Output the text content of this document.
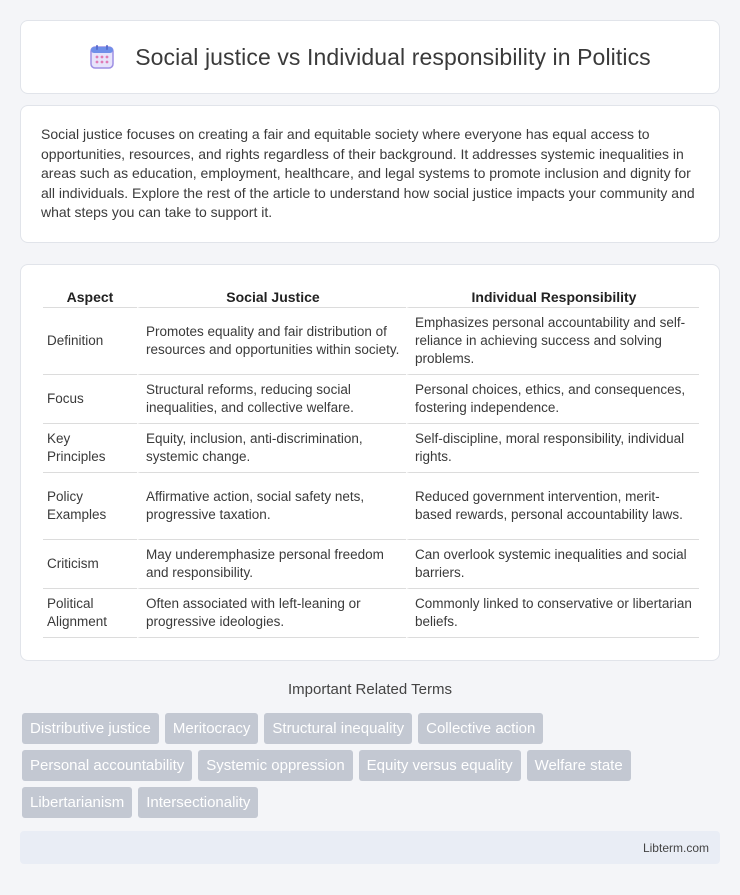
Social justice vs Individual responsibility in Politics

Social justice focuses on creating a fair and equitable society where everyone has equal access to opportunities, resources, and rights regardless of their background. It addresses systemic inequalities in areas such as education, employment, healthcare, and legal systems to promote inclusion and dignity for all individuals. Explore the rest of the article to understand how social justice impacts your community and what steps you can take to support it.

Aspect	Social Justice	Individual Responsibility
Definition	Promotes equality and fair distribution of resources and opportunities within society.	Emphasizes personal accountability and self-reliance in achieving success and solving problems.
Focus	Structural reforms, reducing social inequalities, and collective welfare.	Personal choices, ethics, and consequences, fostering independence.
Key Principles	Equity, inclusion, anti-discrimination, systemic change.	Self-discipline, moral responsibility, individual rights.
Policy Examples	Affirmative action, social safety nets, progressive taxation.	Reduced government intervention, merit-based rewards, personal accountability laws.
Criticism	May underemphasize personal freedom and responsibility.	Can overlook systemic inequalities and social barriers.
Political Alignment	Often associated with left-leaning or progressive ideologies.	Commonly linked to conservative or libertarian beliefs.
Important Related Terms
Distributive justice	Meritocracy	Structural inequality	Collective action
Personal accountability	Systemic oppression	Equity versus equality	Welfare state
Libertarianism	Intersectionality
Libterm.com
